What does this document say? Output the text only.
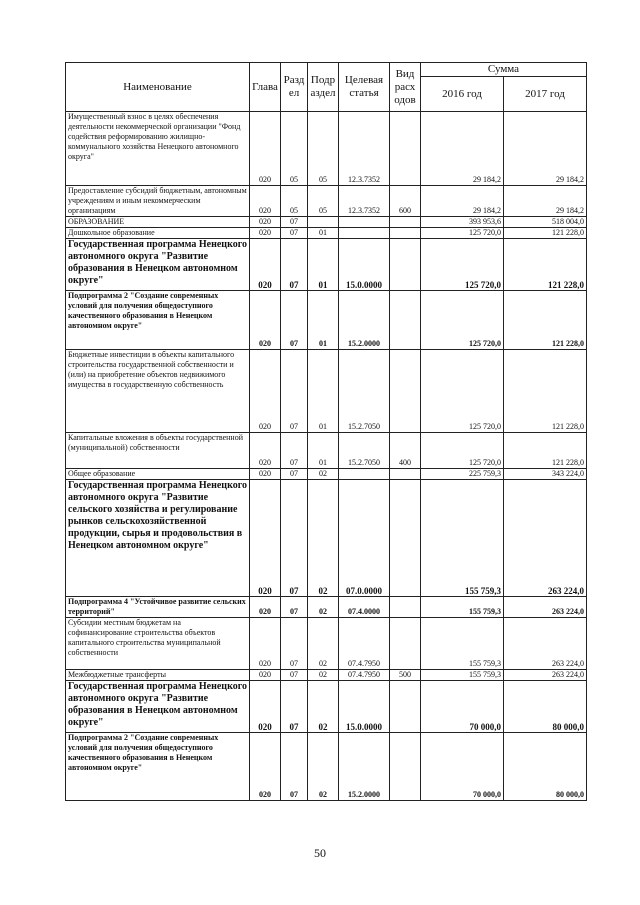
Наименование	Глава	Разд ел	Подр аздел	Целевая статья	Вид расх одов	Сумма	
						2016 год	2017 год
Имущественный взнос в целях обеспечения деятельности некоммерческой организации "Фонд содействия реформированию жилищно-коммунального хозяйства Ненецкого автономного округа"	020	05	05	12.3.7352		29 184,2	29 184,2
Предоставление субсидий бюджетным, автономным учреждениям и иным некоммерческим организациям	020	05	05	12.3.7352	600	29 184,2	29 184,2
ОБРАЗОВАНИЕ	020	07				393 953,6	518 004,0
Дошкольное образование	020	07	01			125 720,0	121 228,0
Государственная программа Ненецкого автономного округа "Развитие образования в Ненецком автономном округе"	020	07	01	15.0.0000		125 720,0	121 228,0
Подпрограмма 2 "Создание современных условий для получения общедоступного качественного образования в Ненецком автономном округе"	020	07	01	15.2.0000		125 720,0	121 228,0
Бюджетные инвестиции в объекты капитального строительства государственной собственности и (или) на приобретение объектов недвижимого имущества в государственную собственность	020	07	01	15.2.7050		125 720,0	121 228,0
Капитальные вложения в объекты государственной (муниципальной) собственности	020	07	01	15.2.7050	400	125 720,0	121 228,0
Общее образование	020	07	02			225 759,3	343 224,0
Государственная программа Ненецкого автономного округа "Развитие сельского хозяйства и регулирование рынков сельскохозяйственной продукции, сырья и продовольствия в Ненецком автономном округе"	020	07	02	07.0.0000		155 759,3	263 224,0
Подпрограмма 4 "Устойчивое развитие сельских территорий"	020	07	02	07.4.0000		155 759,3	263 224,0
Субсидии местным бюджетам на софинансирование строительства объектов капитального строительства муниципальной собственности	020	07	02	07.4.7950		155 759,3	263 224,0
Межбюджетные трансферты	020	07	02	07.4.7950	500	155 759,3	263 224,0
Государственная программа Ненецкого автономного округа "Развитие образования в Ненецком автономном округе"	020	07	02	15.0.0000		70 000,0	80 000,0
Подпрограмма 2 "Создание современных условий для получения общедоступного качественного образования в Ненецком автономном округе"	020	07	02	15.2.0000		70 000,0	80 000,0
50
